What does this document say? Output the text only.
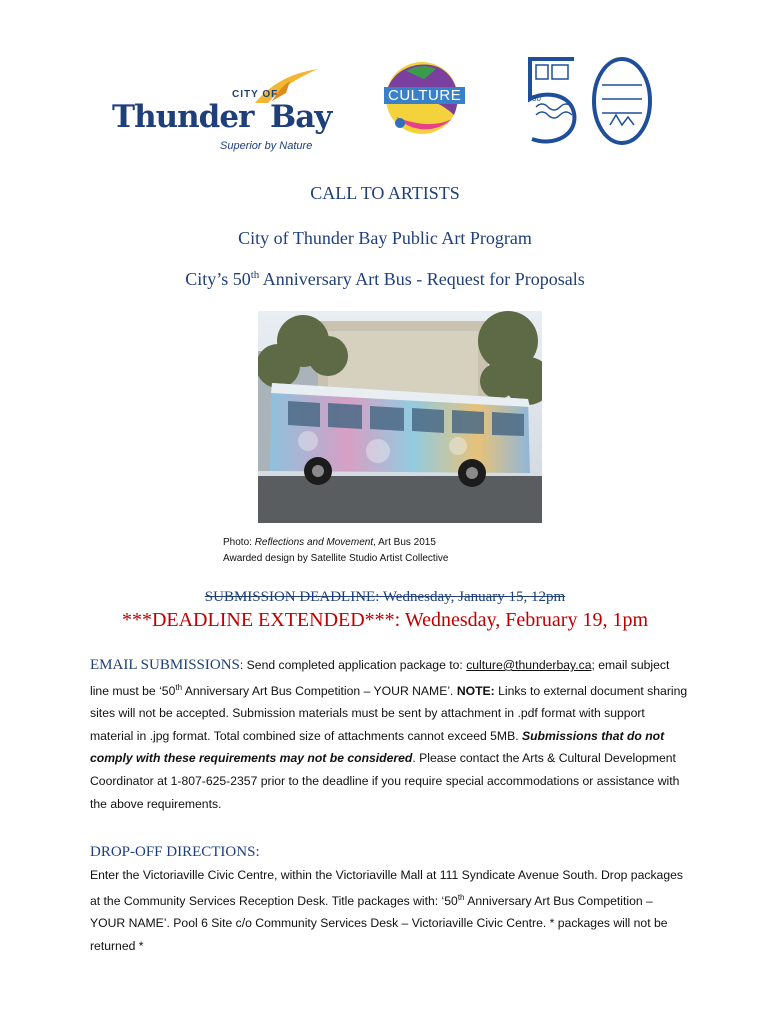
CITY OF
Thunder Bay
Superior by Nature
CULTURE	50
CALL TO ARTISTS
City of Thunder Bay Public Art Program
City’s 50th Anniversary Art Bus - Request for Proposals
Photo: Reflections and Movement, Art Bus 2015
Awarded design by Satellite Studio Artist Collective
SUBMISSION DEADLINE: Wednesday, January 15, 12pm
***DEADLINE EXTENDED***: Wednesday, February 19, 1pm
EMAIL SUBMISSIONS: Send completed application package to: culture@thunderbay.ca; email subject line must be ‘50th Anniversary Art Bus Competition – YOUR NAME’. NOTE: Links to external document sharing sites will not be accepted. Submission materials must be sent by attachment in .pdf format with support material in .jpg format. Total combined size of attachments cannot exceed 5MB. Submissions that do not comply with these requirements may not be considered. Please contact the Arts & Cultural Development Coordinator at 1-807-625-2357 prior to the deadline if you require special accommodations or assistance with the above requirements.
DROP-OFF DIRECTIONS:
Enter the Victoriaville Civic Centre, within the Victoriaville Mall at 111 Syndicate Avenue South. Drop packages at the Community Services Reception Desk. Title packages with: ‘50th Anniversary Art Bus Competition – YOUR NAME’. Pool 6 Site c/o Community Services Desk – Victoriaville Civic Centre. * packages will not be returned *
